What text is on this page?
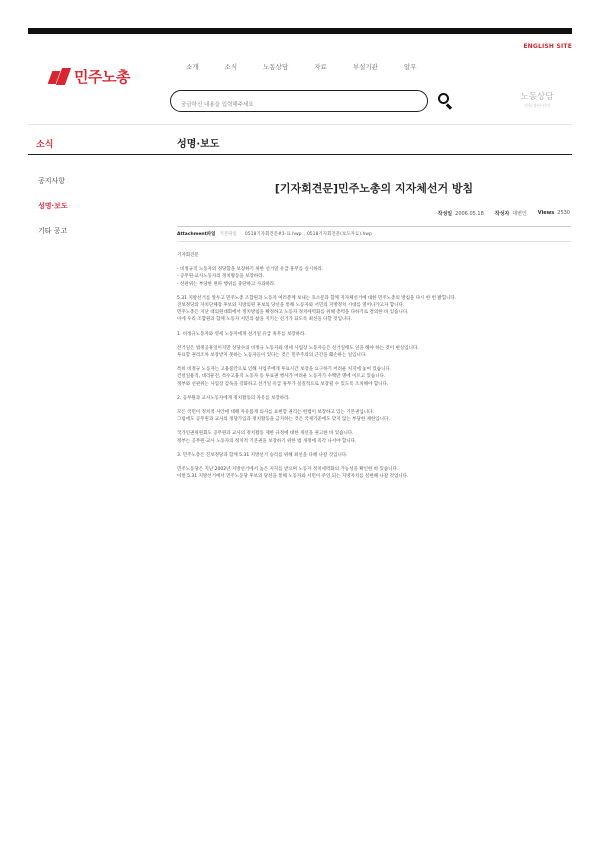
ENGLISH SITE
민주노총
소개	소식	노동상담	자료	부설기관	알무
궁금하신 내용을 입력해주세요
노동상담
민원·불편·건의
소식	성명·보도
공지사항
성명·보도
기타 공고
[기자회견문]민주노총의 지자체선거 방침
작성일 2006.05.18 작성자 대변인 Views 2530
Attachment파일 기본파일 0518기자회견문#1-표.hwp , 0518기자회견문(보도자료).hwp

기자회견문

- 비정규직 노동자의 정당함을 보장하기 위한 선거일 유급 휴무를 실시하라.

- 공무원·교사노동자의 정치활동을 보장하라.

- 선관위는 부당한 편파 행위를 중단하고 사과하라.

5.31 지방선거를 앞두고 민주노총 조합원과 노동자 여러분께 보내는 호소문과 함께 지자체선거에 대한 민주노총의 방침을 다시 한 번 밝힙니다.

진보정당의 자치단체장 후보와 지방의원 후보의 당선을 통해 노동자와 서민의 지방정치 시대를 열어나가고자 합니다.

민주노총은 지난 대의원대회에서 정치방침을 확정하고 노동자 정치세력화를 위해 총력을 다하기로 결의한 바 있습니다.

이에 우리 조합원과 함께 노동자 서민의 삶을 지키는 선거가 되도록 최선을 다할 것입니다.

1. 비정규노동자와 영세 노동자에게 선거일 유급 휴무를 보장하라.

선거일은 법정공휴일이지만 상당수의 비정규 노동자와 영세 사업장 노동자들은 선거일에도 일을 해야 하는 것이 현실입니다.

투표할 권리조차 보장받지 못하는 노동자들이 있다는 것은 민주주의의 근간을 훼손하는 일입니다.

특히 비정규 노동자는 고용불안으로 인해 사업주에게 투표시간 보장을 요구하기 어려운 처지에 놓여 있습니다.

건설일용직, 대리운전, 특수고용직 노동자 등 투표권 행사가 어려운 노동자가 수백만 명에 이르고 있습니다.

정부와 선관위는 사업장 감독을 강화하고 선거일 유급 휴무가 실질적으로 보장될 수 있도록 조치해야 합니다.

2. 공무원과 교사노동자에게 정치활동의 자유를 보장하라.

모든 국민이 정치적 사안에 대해 자유롭게 의사를 표현할 권리는 헌법이 보장하고 있는 기본권입니다.

그럼에도 공무원과 교사의 정당가입과 정치활동을 금지하는 것은 국제기준에도 맞지 않는 부당한 제한입니다.

국가인권위원회도 공무원과 교사의 정치활동 제한 규정에 대한 개선을 권고한 바 있습니다.

정부는 공무원·교사 노동자의 정치적 기본권을 보장하기 위한 법 개정에 즉각 나서야 합니다.

3. 민주노총은 진보정당과 함께 5.31 지방선거 승리를 위해 최선을 다해 나갈 것입니다.

민주노동당은 지난 2002년 지방선거에서 높은 지지를 받으며 노동자 정치세력화의 가능성을 확인한 바 있습니다.

이번 5.31 지방선거에서 민주노동당 후보의 당선을 통해 노동자와 서민이 주인 되는 지방자치를 실현해 나갈 것입니다.
